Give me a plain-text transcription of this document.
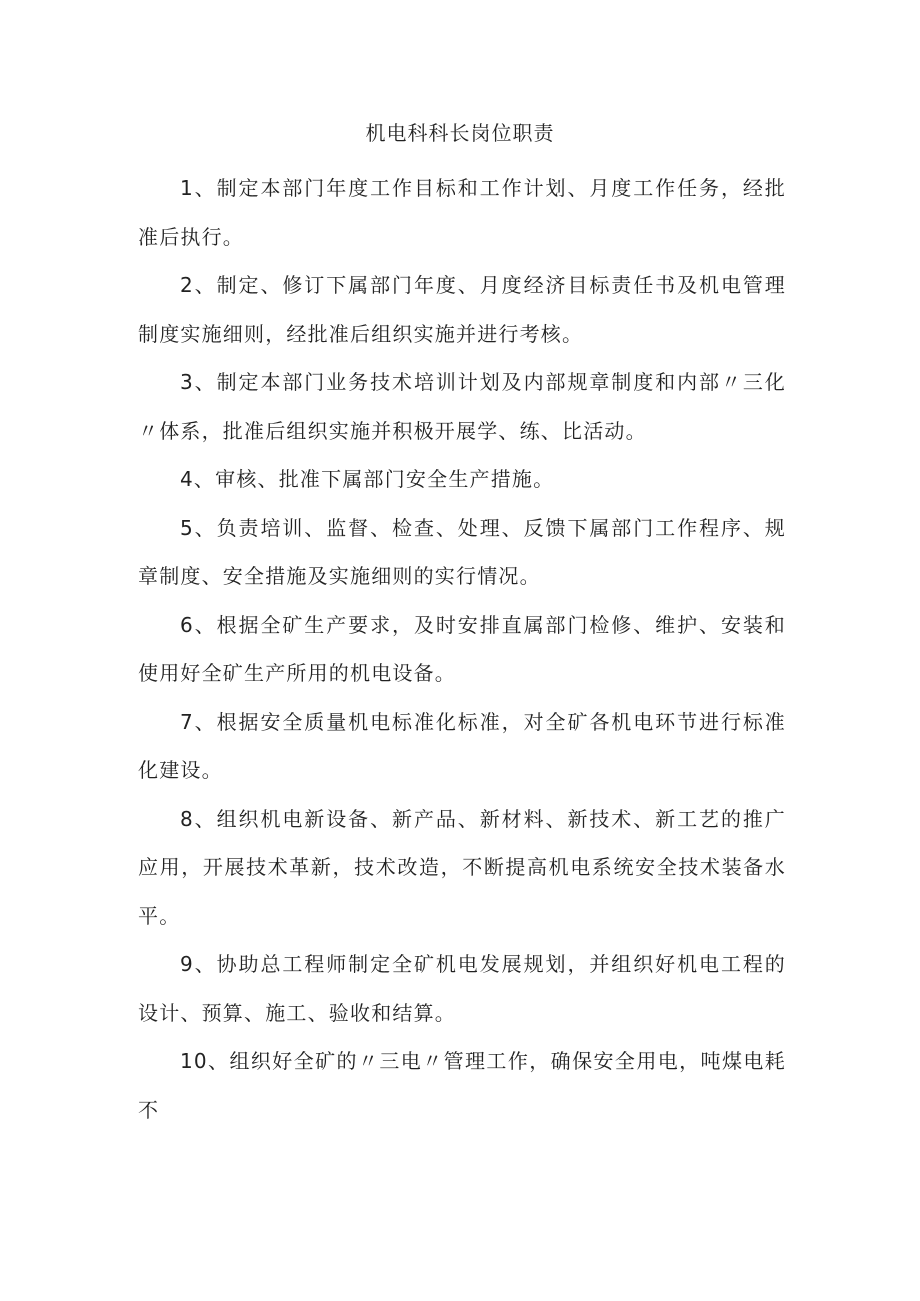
机电科科长岗位职责

1、制定本部门年度工作目标和工作计划、月度工作任务，经批准后执行。

2、制定、修订下属部门年度、月度经济目标责任书及机电管理制度实施细则，经批准后组织实施并进行考核。

3、制定本部门业务技术培训计划及内部规章制度和内部〃三化〃体系，批准后组织实施并积极开展学、练、比活动。

4、审核、批准下属部门安全生产措施。

5、负责培训、监督、检查、处理、反馈下属部门工作程序、规章制度、安全措施及实施细则的实行情况。

6、根据全矿生产要求，及时安排直属部门检修、维护、安装和使用好全矿生产所用的机电设备。

7、根据安全质量机电标准化标准，对全矿各机电环节进行标准化建设。

8、组织机电新设备、新产品、新材料、新技术、新工艺的推广应用，开展技术革新，技术改造，不断提高机电系统安全技术装备水平。

9、协助总工程师制定全矿机电发展规划，并组织好机电工程的设计、预算、施工、验收和结算。

10、组织好全矿的〃三电〃管理工作，确保安全用电，吨煤电耗不
